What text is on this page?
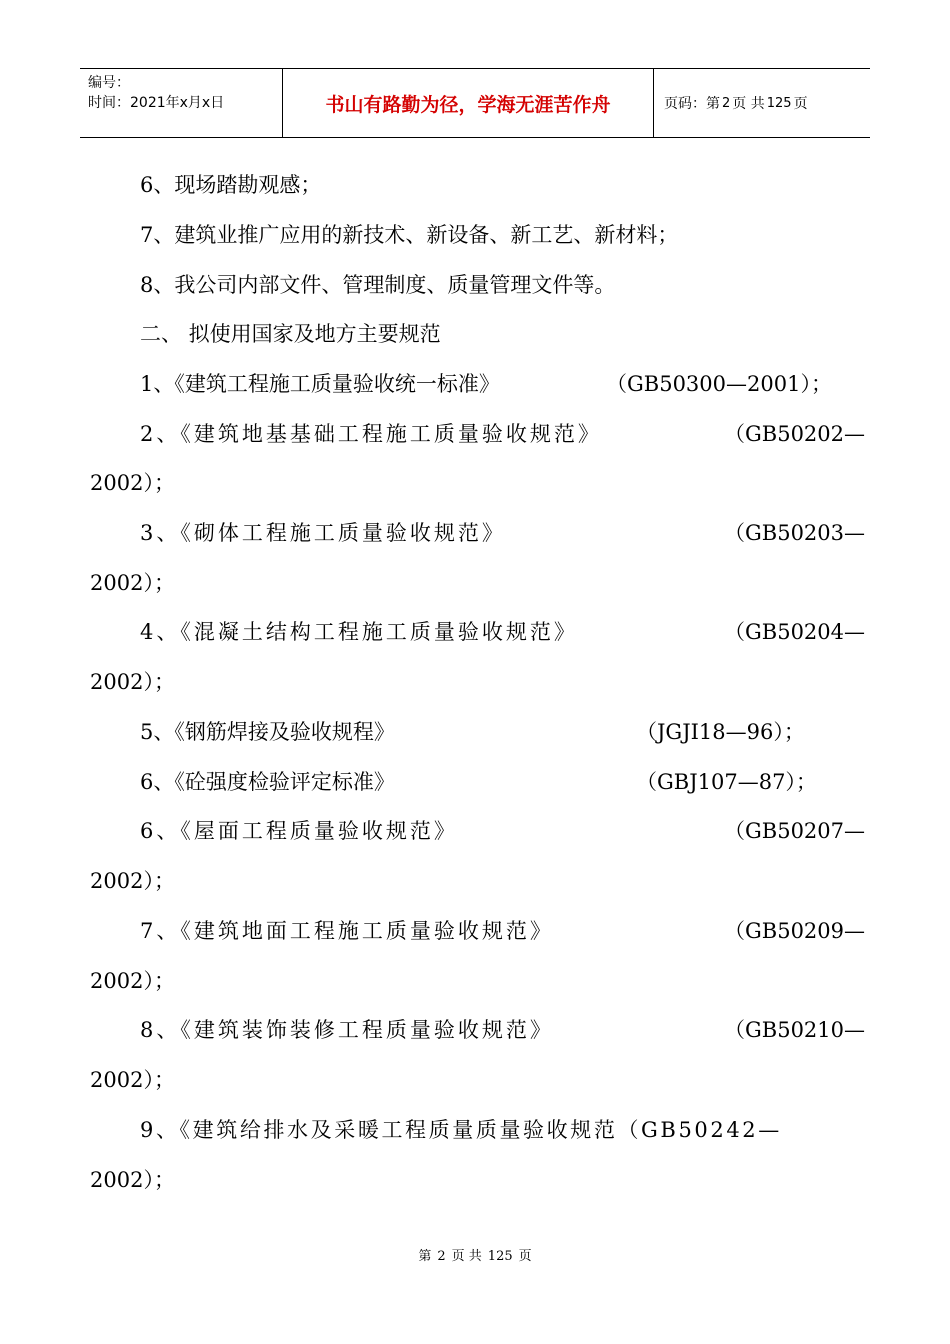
编号：
时间：2021年x月x日	书山有路勤为径，学海无涯苦作舟	页码：第 2 页 共 125 页
6、现场踏勘观感；
7、建筑业推广应用的新技术、新设备、新工艺、新材料；
8、我公司内部文件、管理制度、质量管理文件等。
二、 拟使用国家及地方主要规范
1、《建筑工程施工质量验收统一标准》	（GB50300—2001）；
2、《建筑地基基础工程施工质量验收规范》	（GB50202—
2002）；
3、《砌体工程施工质量验收规范》	（GB50203—
2002）；
4、《混凝土结构工程施工质量验收规范》	（GB50204—
2002）；
5、《钢筋焊接及验收规程》	（JGJI18—96）；
6、《砼强度检验评定标准》	（GBJ107—87）；
6、《屋面工程质量验收规范》	（GB50207—
2002）；
7、《建筑地面工程施工质量验收规范》	（GB50209—
2002）；
8、《建筑装饰装修工程质量验收规范》	（GB50210—
2002）；
9、《建筑给排水及采暖工程质量质量验收规范（GB50242—
2002）；
第 2 页 共 125 页
